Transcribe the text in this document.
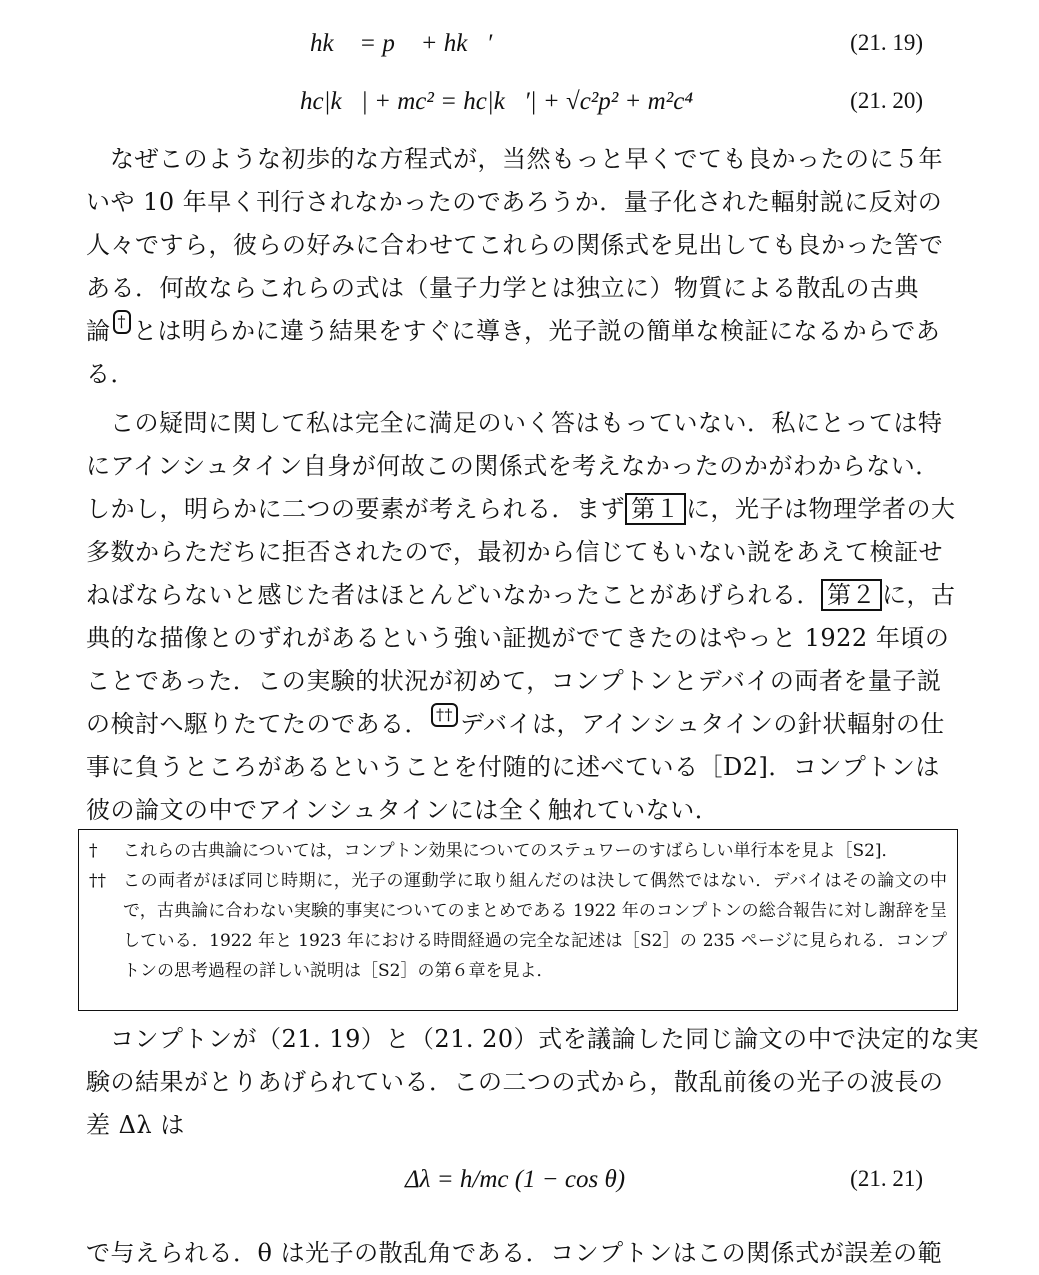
hk⃗ = p⃗ + hk⃗′	(21. 19)
hc|k⃗| + mc² = hc|k⃗′| + √c²p² + m²c⁴	(21. 20)
なぜこのような初歩的な方程式が，当然もっと早くでても良かったのに５年
いや 10 年早く刊行されなかったのであろうか．量子化された輻射説に反対の
人々ですら，彼らの好みに合わせてこれらの関係式を見出しても良かった筈で
ある．何故ならこれらの式は（量子力学とは独立に）物質による散乱の古典
論 † とは明らかに違う結果をすぐに導き，光子説の簡単な検証になるからであ
る．
この疑問に関して私は完全に満足のいく答はもっていない．私にとっては特
にアインシュタイン自身が何故この関係式を考えなかったのかがわからない．
しかし，明らかに二つの要素が考えられる．まず 第１ に，光子は物理学者の大
多数からただちに拒否されたので，最初から信じてもいない説をあえて検証せ
ねばならないと感じた者はほとんどいなかったことがあげられる． 第２ に，古
典的な描像とのずれがあるという強い証拠がでてきたのはやっと 1922 年頃の
ことであった．この実験的状況が初めて，コンプトンとデバイの両者を量子説
の検討へ駆りたてたのである． †† デバイは，アインシュタインの針状輻射の仕
事に負うところがあるということを付随的に述べている［D2]．コンプトンは
彼の論文の中でアインシュタインには全く触れていない．
† これらの古典論については，コンプトン効果についてのステュワーのすばらしい単行本を見よ［S2]．
†† この両者がほぼ同じ時期に，光子の運動学に取り組んだのは決して偶然ではない．デバイはその論文の中で，古典論に合わない実験的事実についてのまとめである 1922 年のコンプトンの総合報告に対し謝辞を呈している．1922 年と 1923 年における時間経過の完全な記述は［S2］の 235 ページに見られる．コンプトンの思考過程の詳しい説明は［S2］の第６章を見よ．
コンプトンが（21. 19）と（21. 20）式を議論した同じ論文の中で決定的な実
験の結果がとりあげられている．この二つの式から，散乱前後の光子の波長の
差 Δλ は
Δλ = h/mc (1 − cos θ)	(21. 21)
で与えられる．θ は光子の散乱角である．コンプトンはこの関係式が誤差の範
